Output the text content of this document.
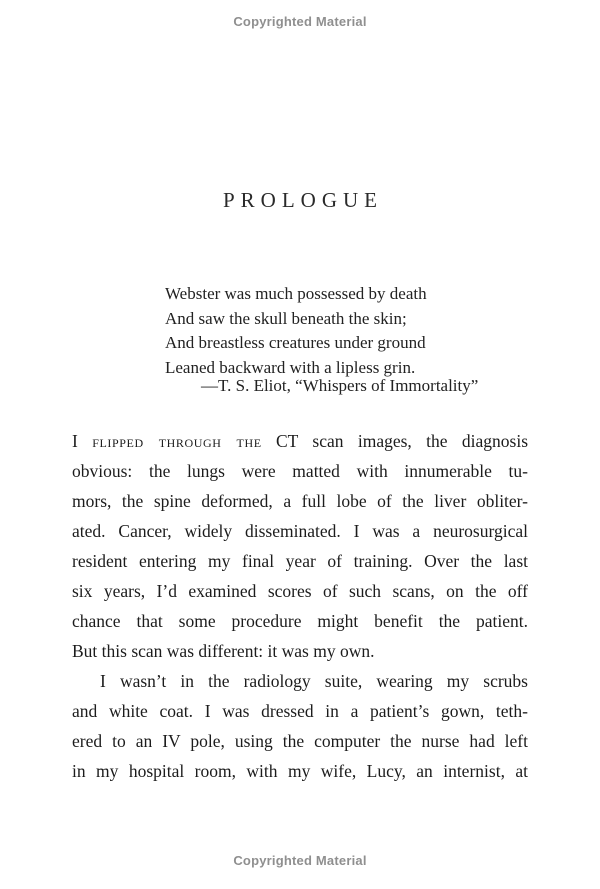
Copyrighted Material
PROLOGUE
Webster was much possessed by death
And saw the skull beneath the skin;
And breastless creatures under ground
Leaned backward with a lipless grin.
—T. S. Eliot, “Whispers of Immortality”
I flipped through the CT scan images, the diagnosis
obvious: the lungs were matted with innumerable tu-
mors, the spine deformed, a full lobe of the liver obliter-
ated. Cancer, widely disseminated. I was a neurosurgical
resident entering my final year of training. Over the last
six years, I’d examined scores of such scans, on the off
chance that some procedure might benefit the patient.
But this scan was different: it was my own.
I wasn’t in the radiology suite, wearing my scrubs
and white coat. I was dressed in a patient’s gown, teth-
ered to an IV pole, using the computer the nurse had left
in my hospital room, with my wife, Lucy, an internist, at
Copyrighted Material
